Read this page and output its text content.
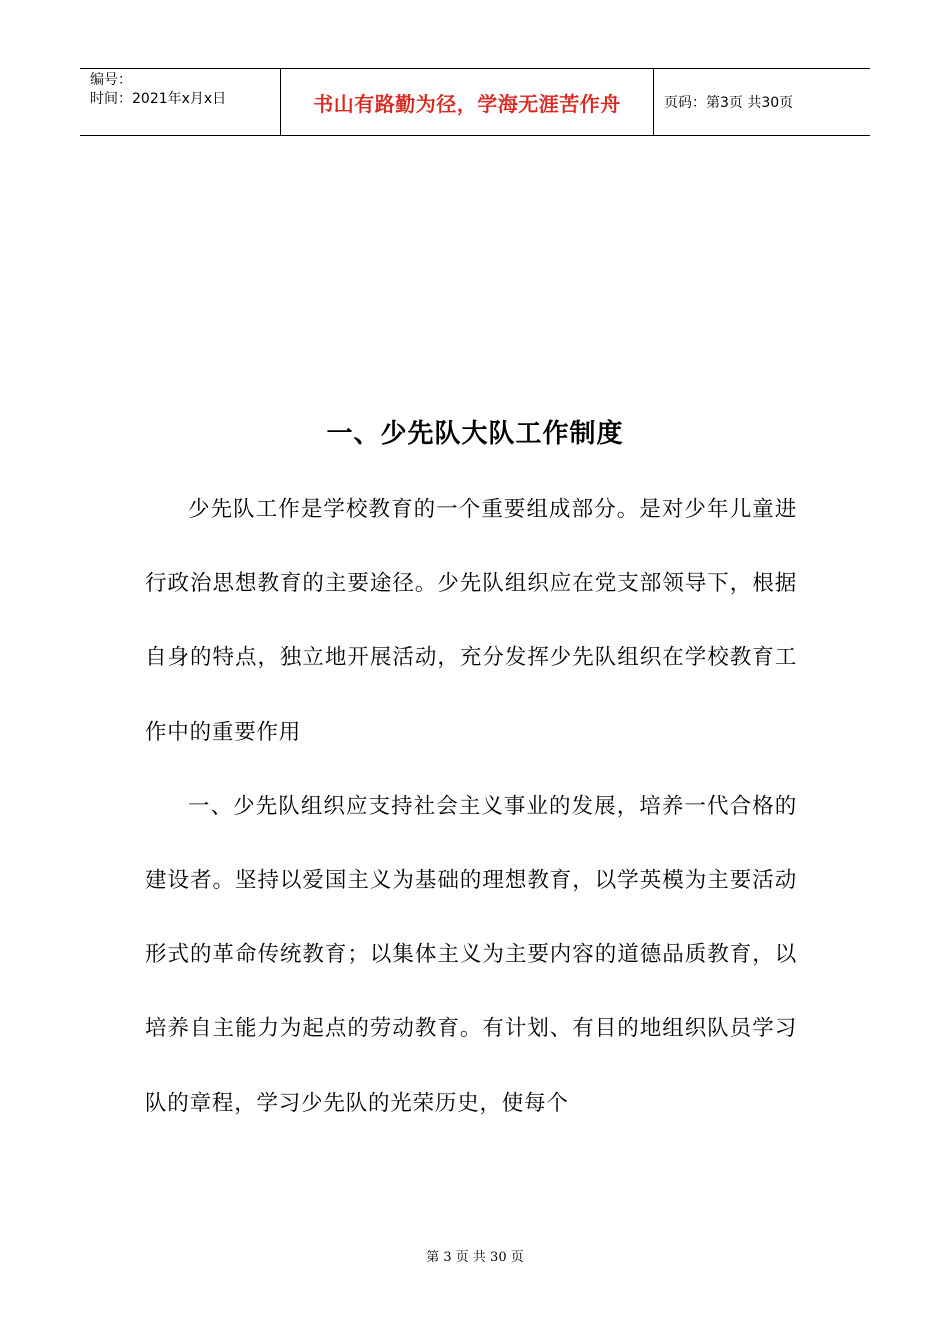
编号：
时间：2021年x月x日	书山有路勤为径，学海无涯苦作舟	页码：第3页 共30页
一、少先队大队工作制度

少先队工作是学校教育的一个重要组成部分。是对少年儿童进行政治思想教育的主要途径。少先队组织应在党支部领导下，根据自身的特点，独立地开展活动，充分发挥少先队组织在学校教育工作中的重要作用

一、少先队组织应支持社会主义事业的发展，培养一代合格的建设者。坚持以爱国主义为基础的理想教育，以学英模为主要活动形式的革命传统教育；以集体主义为主要内容的道德品质教育，以培养自主能力为起点的劳动教育。有计划、有目的地组织队员学习队的章程，学习少先队的光荣历史，使每个

第 3 页 共 30 页
